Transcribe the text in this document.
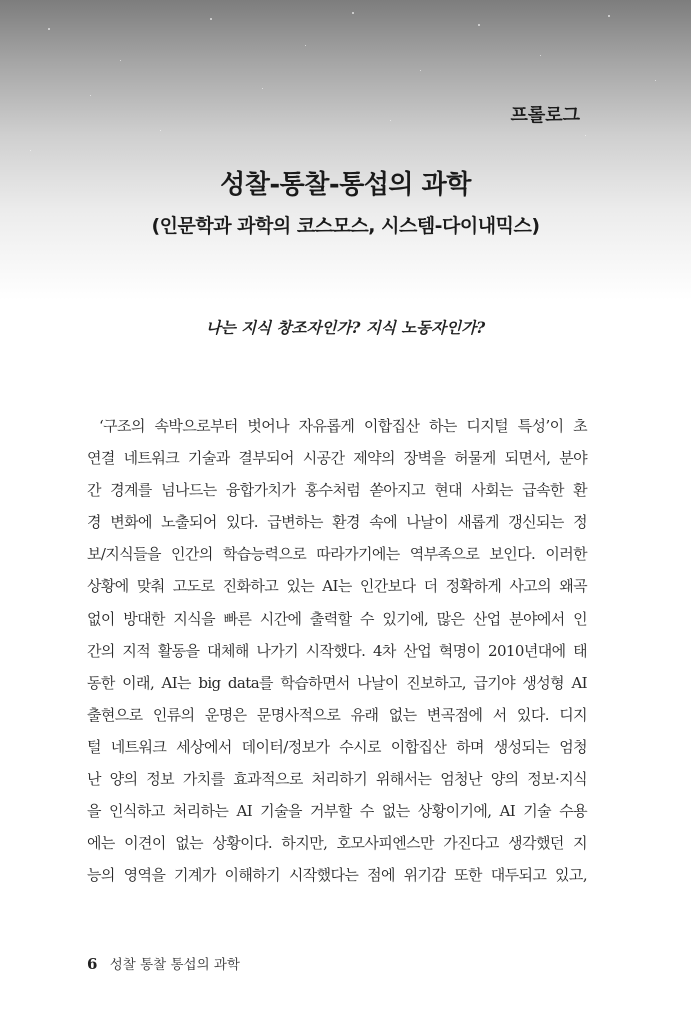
프롤로그
성찰-통찰-통섭의 과학
(인문학과 과학의 코스모스, 시스템-다이내믹스)
나는 지식 창조자인가? 지식 노동자인가?
‘구조의 속박으로부터 벗어나 자유롭게 이합집산 하는 디지털 특성’이 초
연결 네트워크 기술과 결부되어 시공간 제약의 장벽을 허물게 되면서, 분야
간 경계를 넘나드는 융합가치가 홍수처럼 쏟아지고 현대 사회는 급속한 환
경 변화에 노출되어 있다. 급변하는 환경 속에 나날이 새롭게 갱신되는 정
보/지식들을 인간의 학습능력으로 따라가기에는 역부족으로 보인다. 이러한
상황에 맞춰 고도로 진화하고 있는 AI는 인간보다 더 정확하게 사고의 왜곡
없이 방대한 지식을 빠른 시간에 출력할 수 있기에, 많은 산업 분야에서 인
간의 지적 활동을 대체해 나가기 시작했다. 4차 산업 혁명이 2010년대에 태
동한 이래, AI는 big data를 학습하면서 나날이 진보하고, 급기야 생성형 AI
출현으로 인류의 운명은 문명사적으로 유래 없는 변곡점에 서 있다. 디지
털 네트워크 세상에서 데이터/정보가 수시로 이합집산 하며 생성되는 엄청
난 양의 정보 가치를 효과적으로 처리하기 위해서는 엄청난 양의 정보·지식
을 인식하고 처리하는 AI 기술을 거부할 수 없는 상황이기에, AI 기술 수용
에는 이견이 없는 상황이다. 하지만, 호모사피엔스만 가진다고 생각했던 지
능의 영역을 기계가 이해하기 시작했다는 점에 위기감 또한 대두되고 있고,
6 성찰 통찰 통섭의 과학
